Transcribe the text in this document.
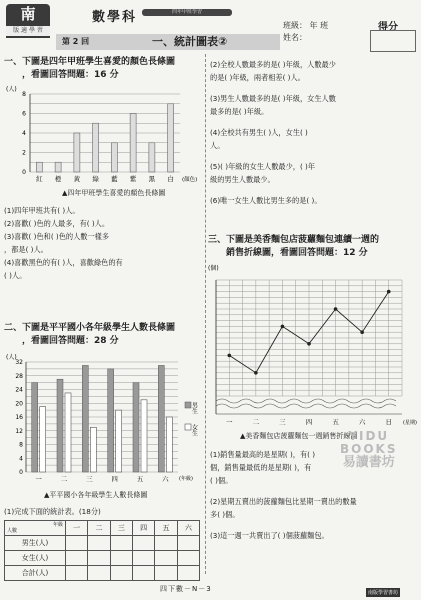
南
版 適 學 習
數學科	四年甲班學習
第 2 回	一、統計圖表②
班級： 年 班
姓名：
得分
一、下圖是四年甲班學生喜愛的顏色長條圖
，看圖回答問題：16 分
(人)
0
2
4
6
8
紅 橙 黃 綠 藍 紫 黑 白 (顏色)
▲四年甲班學生喜愛的顏色長條圖
(1)四年甲班共有( )人。
(2)喜歡( )色的人最多，有( )人。
(3)喜歡( )色和( )色的人數一樣多
，都是( )人。
(4)喜歡黑色的有( )人，喜歡綠色的有
( )人。
二、下圖是平平國小各年級學生人數長條圖
，看圖回答問題：28 分
(人)
0
4
8
12
16
20
24
28
32
一	二	三	四	五	六 (年級)
男生
女生
▲平平國小各年級學生人數長條圖
(1)完成下面的統計表。(18分)
年級

人數	一	二	三	四	五	六
男生(人)						
女生(人)						
合計(人)						
(2)全校人數最多的是( )年級，人數最少
的是( )年級，兩者相差( )人。
(3)男生人數最多的是( )年級，女生人數
最多的是( )年級。
(4)全校共有男生( )人，女生( )
人。
(5)( )年級的女生人數最少，( )年
級的男生人數最少。
(6)唯一女生人數比男生多的是( )。
三、下圖是美香麵包店菠蘿麵包連續一週的
銷售折線圖，看圖回答問題：12 分
(個)
一	二	三	四	五	六	日 (星期)
▲美香麵包店菠蘿麵包一週銷售折線圖
(1)銷售量最高的是星期( )，有( )
個，銷售量最低的是星期( )，有
( )個。
(2)星期五賣出的菠蘿麵包比星期一賣出的數量
多( )個。
(3)這一週一共賣出了( )個菠蘿麵包。
YIDU
BOOKS
易讀書坊
四下數－N－3	南版學習書坊
